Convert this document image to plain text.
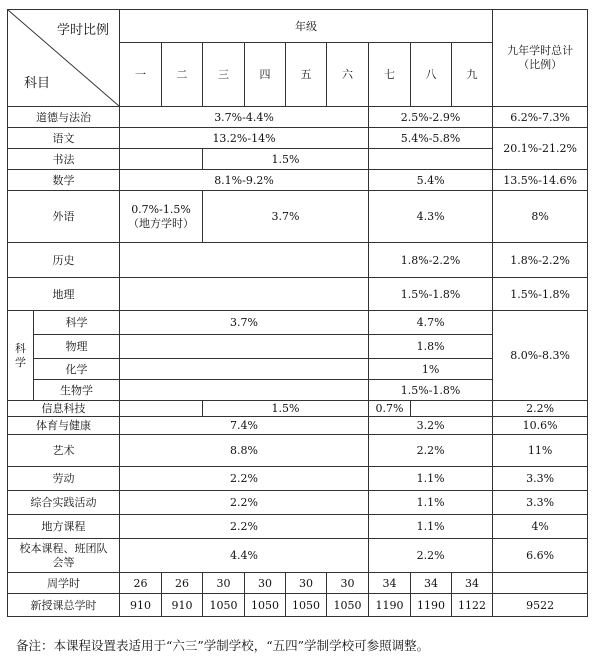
学时比例
科目		年级									九年学时总计（比例）
		一	二	三	四	五	六	七	八	九	
道德与法治		3.7%-4.4%						2.5%-2.9%			6.2%-7.3%
语文		13.2%-14%						5.4%-5.8%			20.1%-21.2%
书法				1.5%							
数学		8.1%-9.2%						5.4%			13.5%-14.6%
外语		0.7%-1.5%（地方学时）		3.7%				4.3%			8%
历史								1.8%-2.2%			1.8%-2.2%
地理								1.5%-1.8%			1.5%-1.8%
科学	科学	3.7%						4.7%			8.0%-8.3%
	物理							1.8%			
	化学							1%			
	生物学							1.5%-1.8%			
信息科技				1.5%				0.7%			2.2%
体育与健康		7.4%						3.2%			10.6%
艺术		8.8%						2.2%			11%
劳动		2.2%						1.1%			3.3%
综合实践活动		2.2%						1.1%			3.3%
地方课程		2.2%						1.1%			4%
校本课程、班团队会等		4.4%						2.2%			6.6%
周学时		26	26	30	30	30	30	34	34	34	
新授课总学时		910	910	1050	1050	1050	1050	1190	1190	1122	9522
备注：本课程设置表适用于“六三”学制学校，“五四”学制学校可参照调整。
